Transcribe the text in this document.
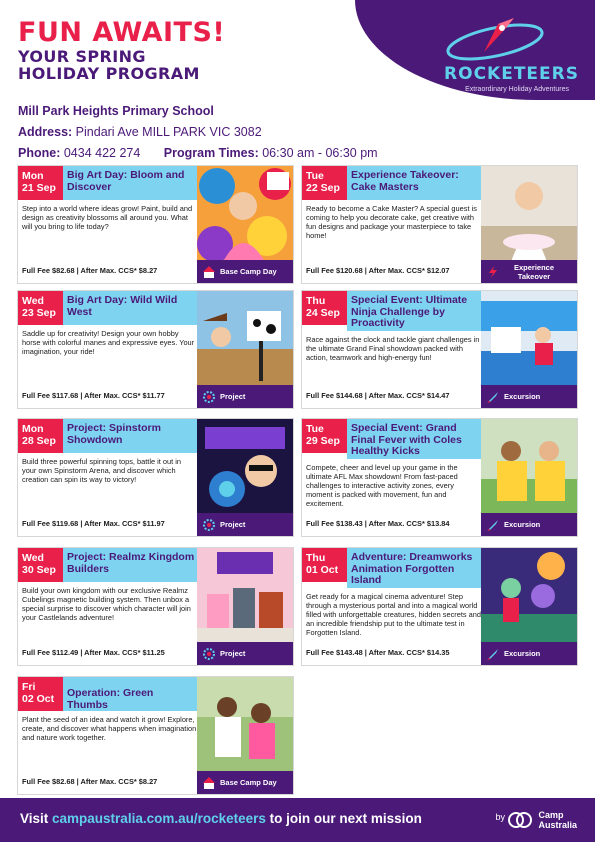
FUN AWAITS!
YOUR SPRING
HOLIDAY PROGRAM	ROCKETEERS
Extraordinary Holiday Adventures
Mill Park Heights Primary School
Address: Pindari Ave MILL PARK VIC 3082
Phone: 0434 422 274 Program Times: 06:30 am - 06:30 pm
Mon
21 Sep
Big Art Day: Bloom and Discover
Step into a world where ideas grow! Paint, build and design as creativity blossoms all around you. What will you bring to life today?
Full Fee $82.68 | After Max. CCS* $8.27	Base Camp Day
Tue
22 Sep
Experience Takeover: Cake Masters
Ready to become a Cake Master? A special guest is coming to help you decorate cake, get creative with fun designs and package your masterpiece to take home!
Full Fee $120.68 | After Max. CCS* $12.07	Experience
Takeover
Wed
23 Sep
Big Art Day: Wild Wild West
Saddle up for creativity! Design your own hobby horse with colorful manes and expressive eyes. Your imagination, your ride!
Full Fee $117.68 | After Max. CCS* $11.77	Project
Thu
24 Sep
Special Event: Ultimate Ninja Challenge by Proactivity
Race against the clock and tackle giant challenges in the ultimate Grand Final showdown packed with action, teamwork and high-energy fun!
Full Fee $144.68 | After Max. CCS* $14.47	Excursion
Mon
28 Sep
Project: Spinstorm Showdown
Build three powerful spinning tops, battle it out in your own Spinstorm Arena, and discover which creation can spin its way to victory!
Full Fee $119.68 | After Max. CCS* $11.97	Project
Tue
29 Sep
Special Event: Grand Final Fever with Coles Healthy Kicks
Compete, cheer and level up your game in the ultimate AFL Max showdown! From fast-paced challenges to interactive activity zones, every moment is packed with movement, fun and excitement.
Full Fee $138.43 | After Max. CCS* $13.84	Excursion
Wed
30 Sep
Project: Realmz Kingdom Builders
Build your own kingdom with our exclusive Realmz Cubelings magnetic building system. Then unbox a special surprise to discover which character will join your Castlelands adventure!
Full Fee $112.49 | After Max. CCS* $11.25	Project
Thu
01 Oct
Adventure: Dreamworks Animation Forgotten Island
Get ready for a magical cinema adventure! Step through a mysterious portal and into a magical world filled with unforgettable creatures, hidden secrets and an incredible friendship put to the ultimate test in Forgotten Island.
Full Fee $143.48 | After Max. CCS* $14.35	Excursion
Fri
02 Oct	Operation: Green Thumbs
Plant the seed of an idea and watch it grow! Explore, create, and discover what happens when imagination and nature work together.
Full Fee $82.68 | After Max. CCS* $8.27	Base Camp Day
Visit campaustralia.com.au/rocketeers to join our next mission	by	Camp
Australia
